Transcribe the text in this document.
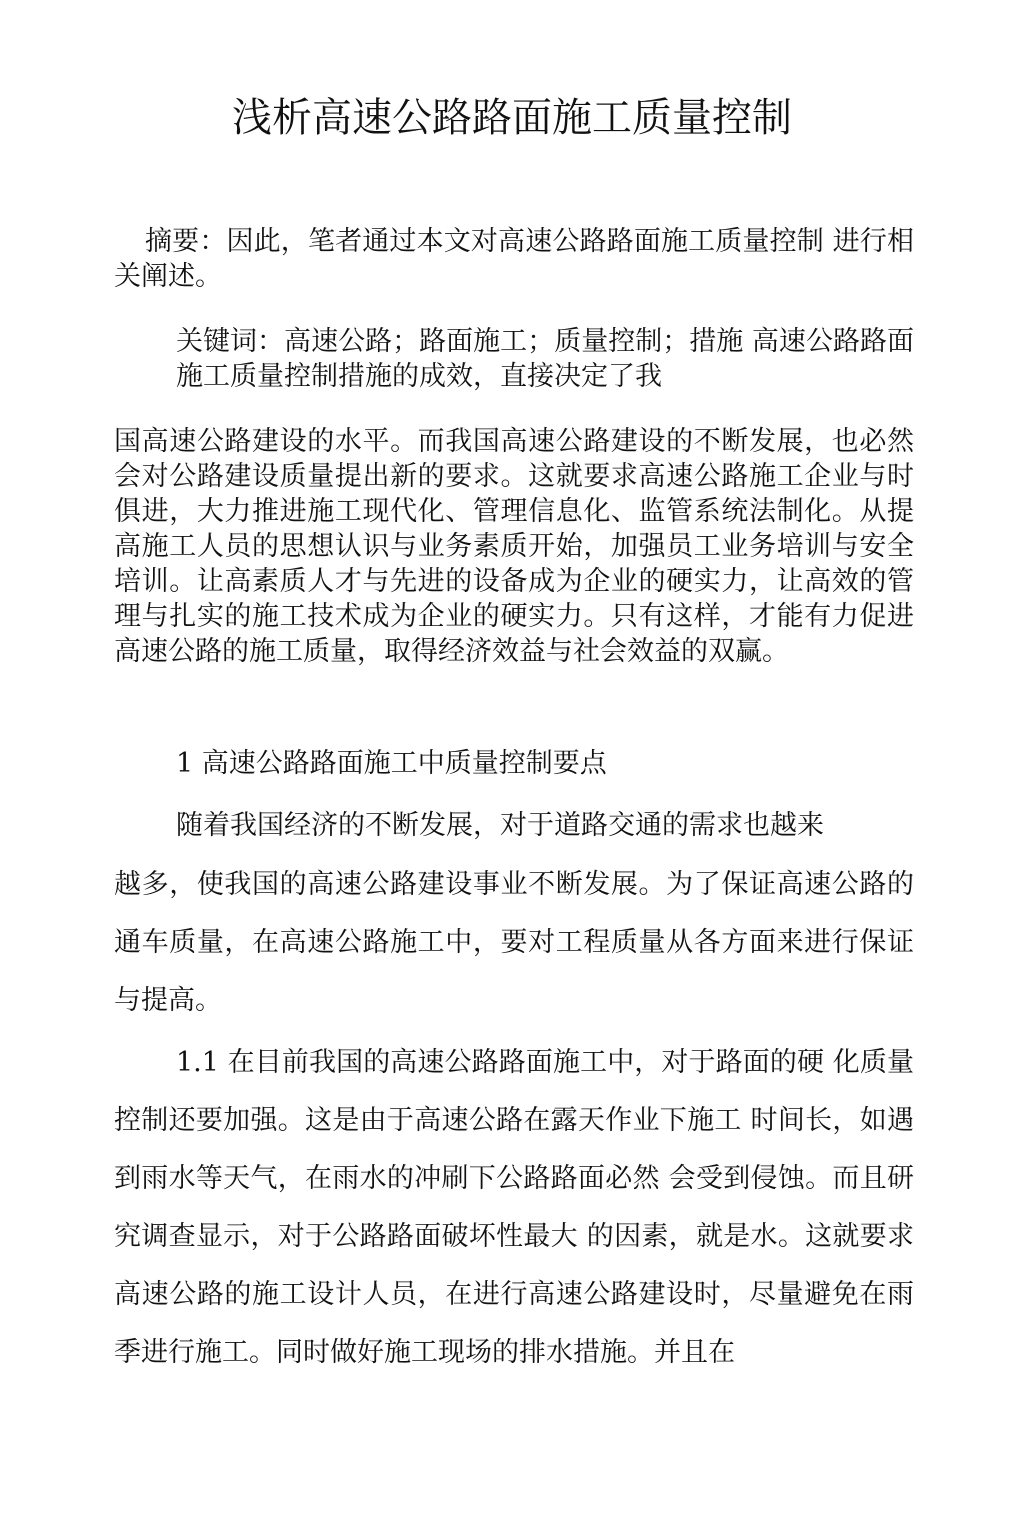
浅析高速公路路面施工质量控制

摘要：因此，笔者通过本文对高速公路路面施工质量控制 进行相关阐述。

关键词：高速公路；路面施工；质量控制；措施 高速公路路面施工质量控制措施的成效，直接决定了我

国高速公路建设的水平。而我国高速公路建设的不断发展，也必然会对公路建设质量提出新的要求。这就要求高速公路施工企业与时俱进，大力推进施工现代化、管理信息化、监管系统法制化。从提高施工人员的思想认识与业务素质开始，加强员工业务培训与安全培训。让高素质人才与先进的设备成为企业的硬实力，让高效的管理与扎实的施工技术成为企业的硬实力。只有这样，才能有力促进高速公路的施工质量，取得经济效益与社会效益的双赢。

1 高速公路路面施工中质量控制要点

随着我国经济的不断发展，对于道路交通的需求也越来

越多，使我国的高速公路建设事业不断发展。为了保证高速公路的通车质量，在高速公路施工中，要对工程质量从各方面来进行保证与提高。

1.1 在目前我国的高速公路路面施工中，对于路面的硬 化质量控制还要加强。这是由于高速公路在露天作业下施工 时间长，如遇到雨水等天气，在雨水的冲刷下公路路面必然 会受到侵蚀。而且研究调查显示，对于公路路面破坏性最大 的因素，就是水。这就要求高速公路的施工设计人员，在进行高速公路建设时，尽量避免在雨季进行施工。同时做好施工现场的排水措施。并且在
